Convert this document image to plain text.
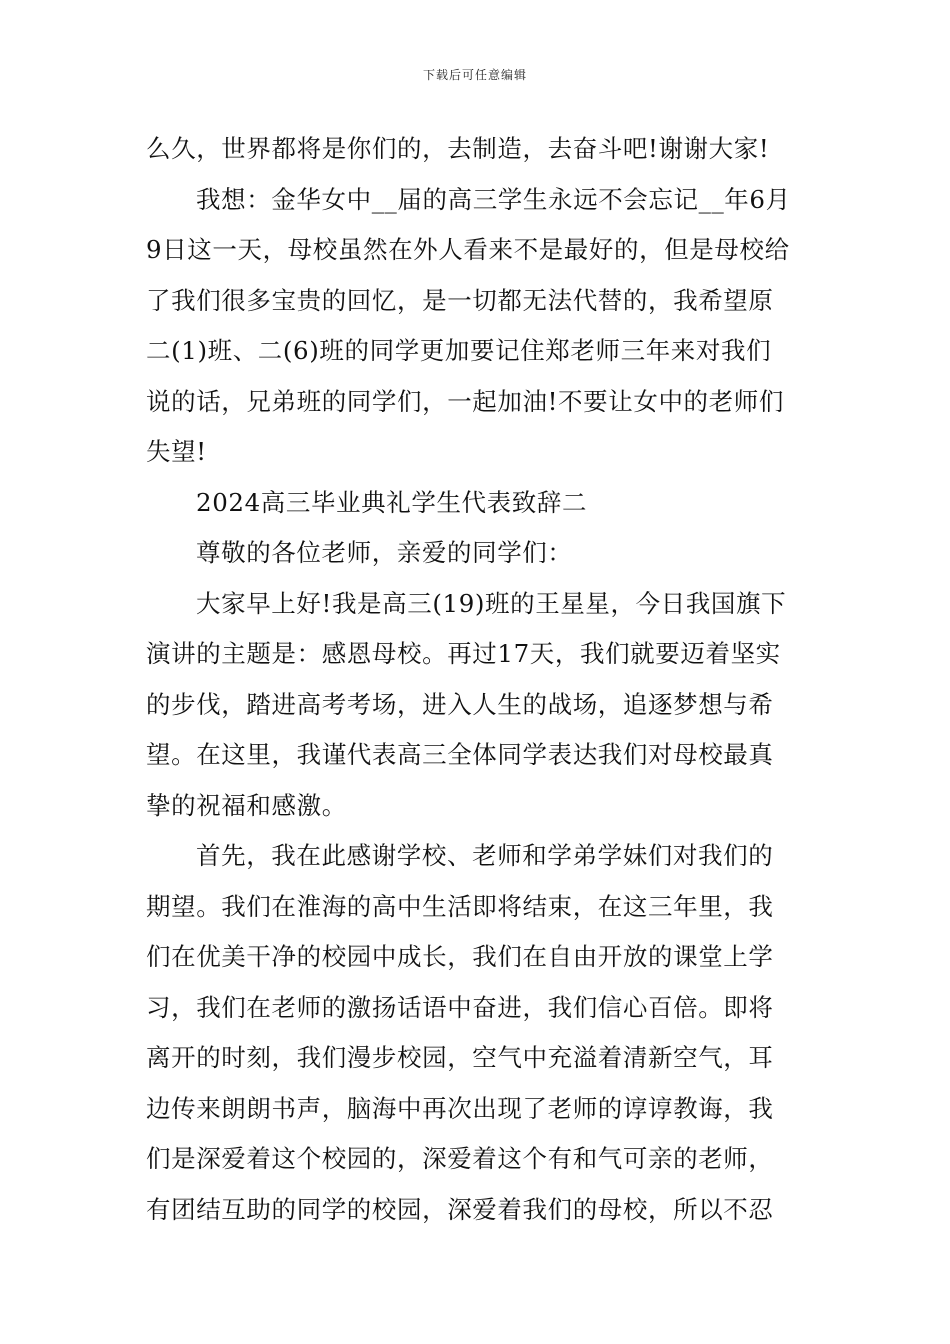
下载后可任意编辑
么久，世界都将是你们的，去制造，去奋斗吧!谢谢大家!
我想：金华女中__届的高三学生永远不会忘记__年6月
9日这一天，母校虽然在外人看来不是最好的，但是母校给
了我们很多宝贵的回忆，是一切都无法代替的，我希望原
二(1)班、二(6)班的同学更加要记住郑老师三年来对我们
说的话，兄弟班的同学们，一起加油!不要让女中的老师们
失望!
2024高三毕业典礼学生代表致辞二
尊敬的各位老师，亲爱的同学们：
大家早上好!我是高三(19)班的王星星，今日我国旗下
演讲的主题是：感恩母校。再过17天，我们就要迈着坚实
的步伐，踏进高考考场，进入人生的战场，追逐梦想与希
望。在这里，我谨代表高三全体同学表达我们对母校最真
挚的祝福和感激。
首先，我在此感谢学校、老师和学弟学妹们对我们的
期望。我们在淮海的高中生活即将结束，在这三年里，我
们在优美干净的校园中成长，我们在自由开放的课堂上学
习，我们在老师的激扬话语中奋进，我们信心百倍。即将
离开的时刻，我们漫步校园，空气中充溢着清新空气，耳
边传来朗朗书声，脑海中再次出现了老师的谆谆教诲，我
们是深爱着这个校园的，深爱着这个有和气可亲的老师，
有团结互助的同学的校园，深爱着我们的母校，所以不忍
